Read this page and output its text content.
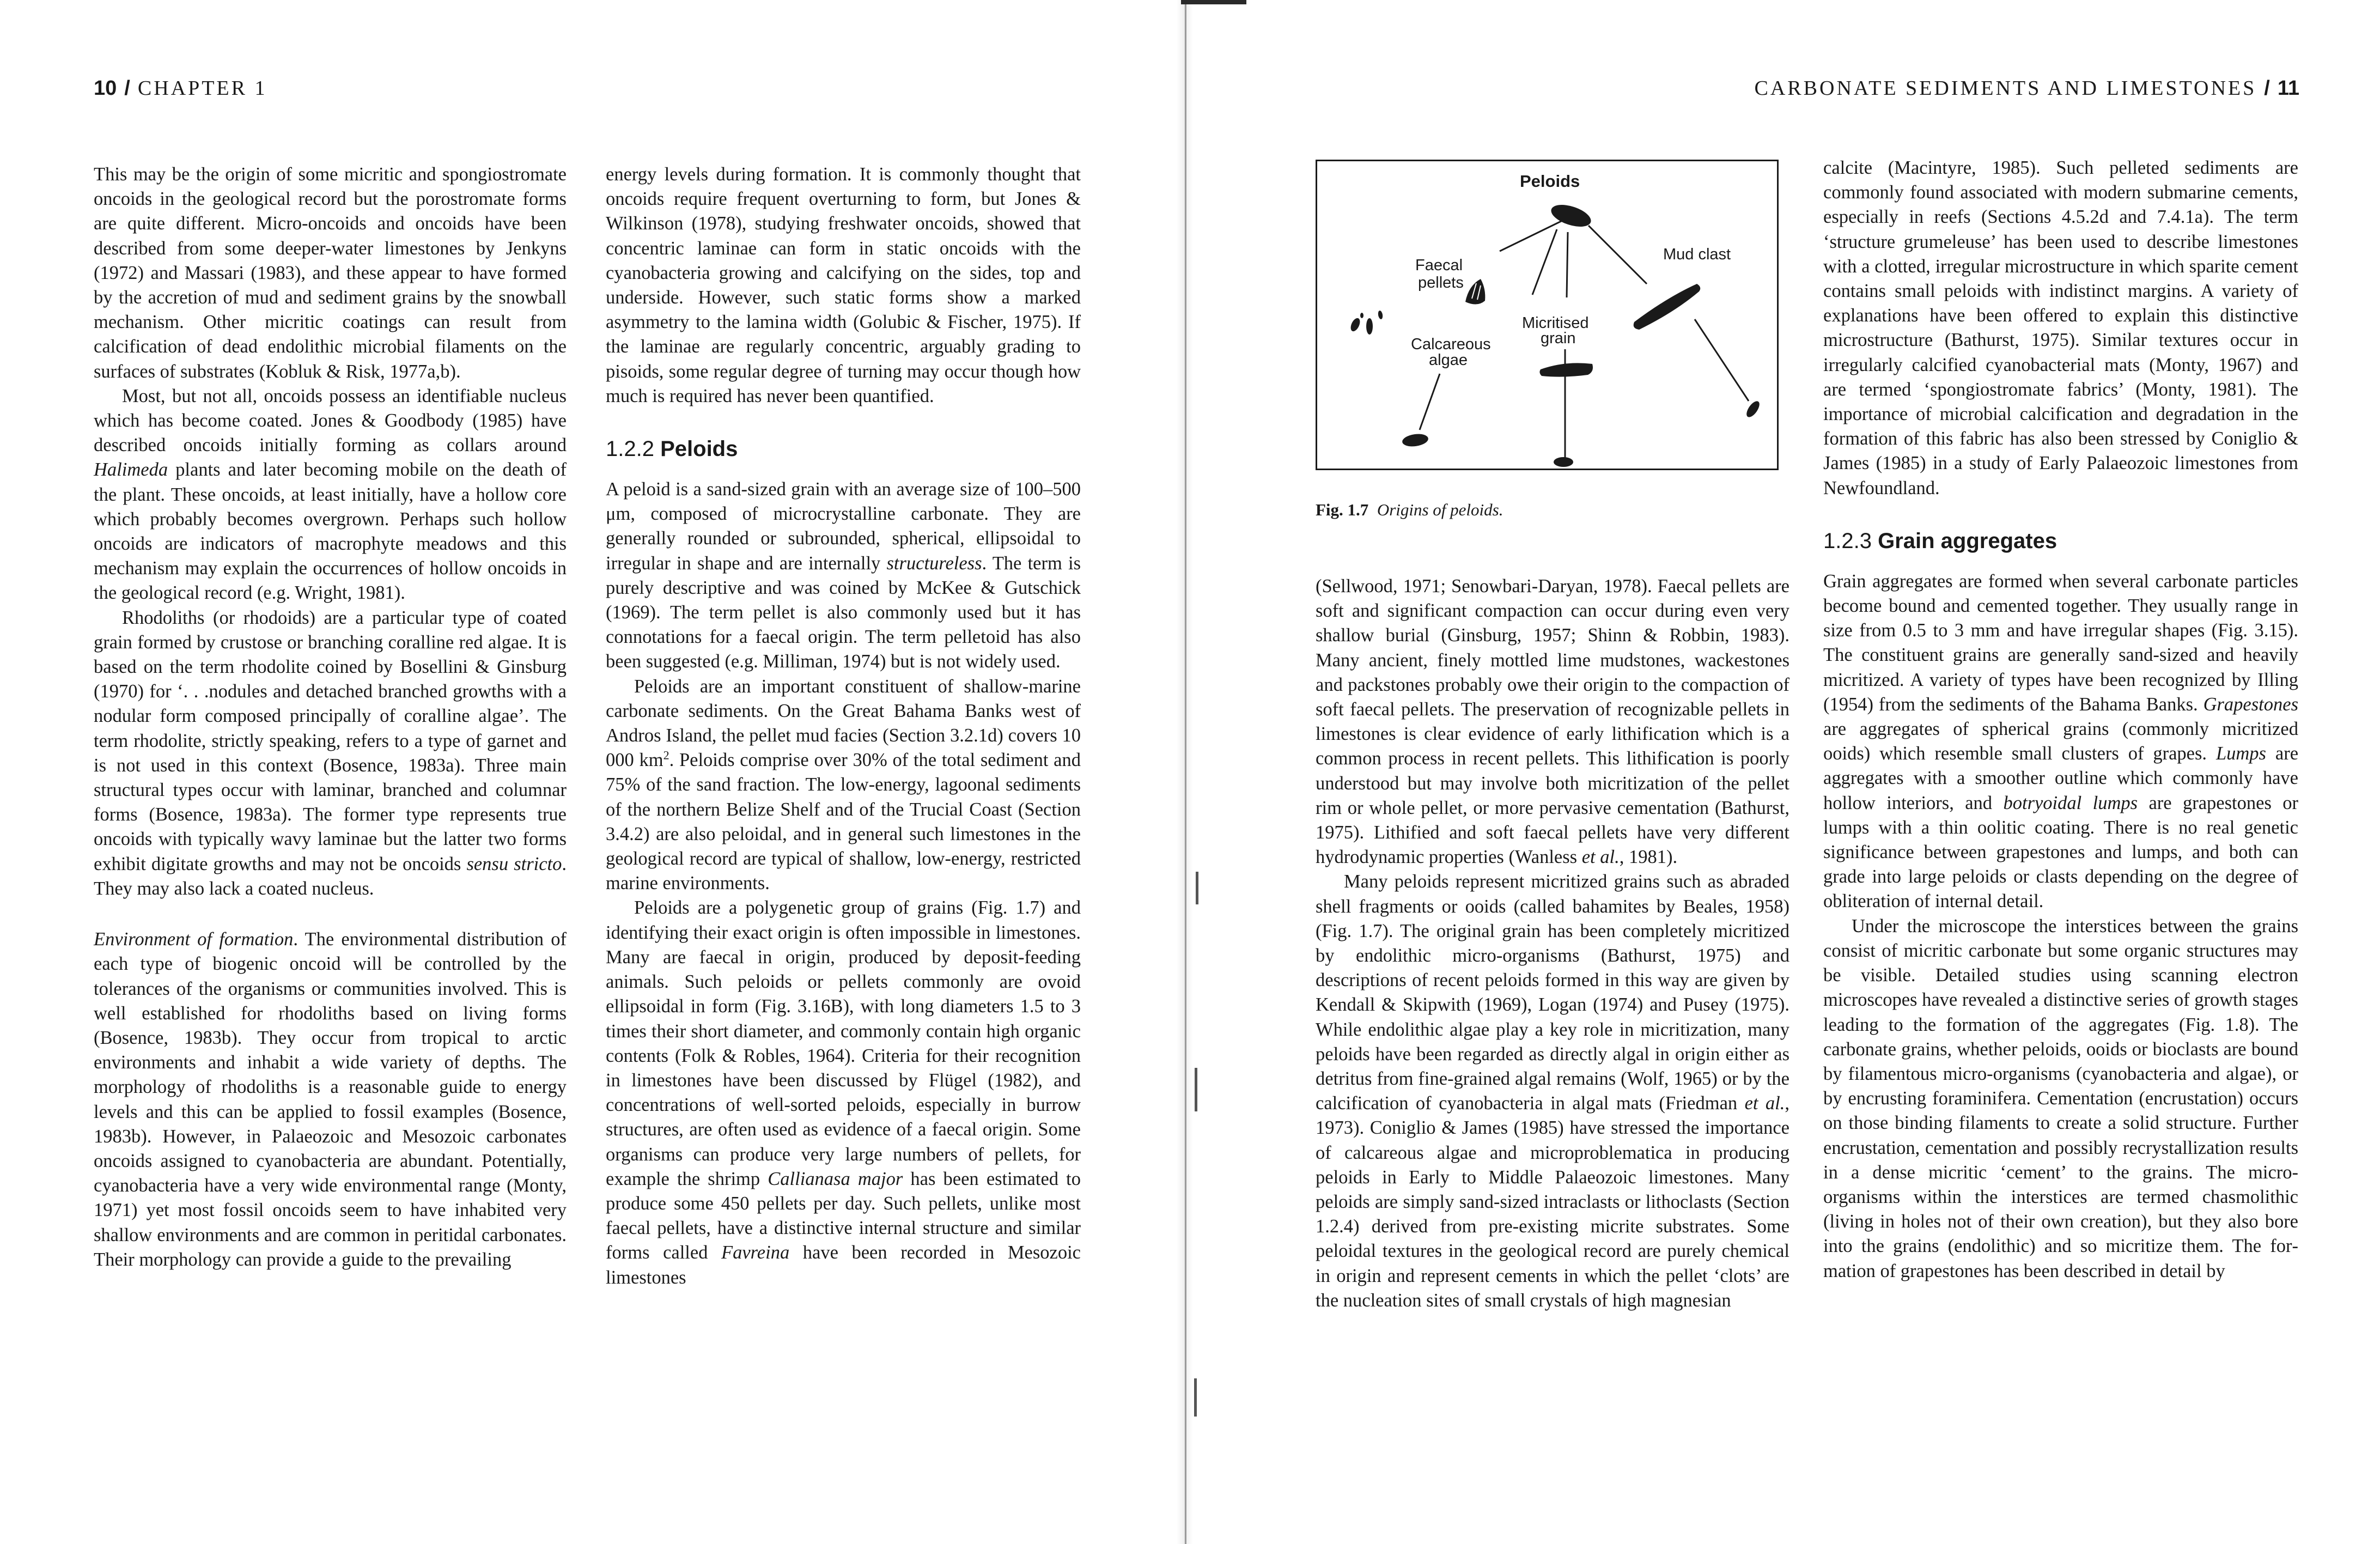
10 / CHAPTER 1

This may be the origin of some micritic and spongiostromate oncoids in the geological record but the porostromate forms are quite different. Micro-oncoids and oncoids have been described from some deeper-water limestones by Jenkyns (1972) and Massari (1983), and these appear to have formed by the accretion of mud and sediment grains by the snowball mechanism. Other micritic coatings can result from calcification of dead endolithic microbial filaments on the surfaces of substrates (Kobluk & Risk, 1977a,b).

Most, but not all, oncoids possess an identifiable nucleus which has become coated. Jones & Goodbody (1985) have described oncoids initially forming as collars around Halimeda plants and later becoming mobile on the death of the plant. These oncoids, at least initially, have a hollow core which probably becomes overgrown. Perhaps such hollow oncoids are indicators of macrophyte meadows and this mechanism may explain the occurrences of hollow oncoids in the geological record (e.g. Wright, 1981).

Rhodoliths (or rhodoids) are a particular type of coated grain formed by crustose or branching coralline red algae. It is based on the term rhodolite coined by Bosellini & Ginsburg (1970) for ‘. . .nodules and detached branched growths with a nodular form composed principally of coralline algae’. The term rhodolite, strictly speaking, refers to a type of garnet and is not used in this context (Bosence, 1983a). Three main structural types occur with laminar, branched and columnar forms (Bosence, 1983a). The former type represents true oncoids with typically wavy laminae but the latter two forms exhibit digitate growths and may not be oncoids sensu stricto. They may also lack a coated nucleus.

Environment of formation. The environmental distribution of each type of biogenic oncoid will be controlled by the tolerances of the organisms or communities involved. This is well established for rhodoliths based on living forms (Bosence, 1983b). They occur from tropical to arctic environments and inhabit a wide variety of depths. The morphology of rhodoliths is a reasonable guide to energy levels and this can be applied to fossil examples (Bosence, 1983b). However, in Palaeozoic and Mesozoic carbonates oncoids assigned to cyanobacteria are abundant. Potentially, cyanobacteria have a very wide environmental range (Monty, 1971) yet most fossil oncoids seem to have inhabited very shallow environments and are common in peritidal carbonates. Their morphology can provide a guide to the prevailing

energy levels during formation. It is commonly thought that oncoids require frequent overturning to form, but Jones & Wilkinson (1978), studying freshwater oncoids, showed that concentric laminae can form in static oncoids with the cyanobacteria growing and calcifying on the sides, top and underside. However, such static forms show a marked asymmetry to the lamina width (Golubic & Fischer, 1975). If the laminae are regularly concentric, arguably grading to pisoids, some regular degree of turning may occur though how much is required has never been quantified.

1.2.2 Peloids

A peloid is a sand-sized grain with an average size of 100–500 μm, composed of microcrystalline carbonate. They are generally rounded or subrounded, spherical, ellipsoidal to irregular in shape and are internally structureless. The term is purely descriptive and was coined by McKee & Gutschick (1969). The term pellet is also commonly used but it has connotations for a faecal origin. The term pelletoid has also been suggested (e.g. Milliman, 1974) but is not widely used.

Peloids are an important constituent of shallow-marine carbonate sediments. On the Great Bahama Banks west of Andros Island, the pellet mud facies (Section 3.2.1d) covers 10 000 $km^2$. Peloids comprise over 30% of the total sediment and 75% of the sand fraction. The low-energy, lagoonal sediments of the northern Belize Shelf and of the Trucial Coast (Section 3.4.2) are also peloidal, and in general such limestones in the geological record are typical of shallow, low-energy, restricted marine environments.

Peloids are a polygenetic group of grains (Fig. 1.7) and identifying their exact origin is often impossible in limestones. Many are faecal in origin, produced by deposit-feeding animals. Such peloids or pellets commonly are ovoid ellipsoidal in form (Fig. 3.16B), with long diameters 1.5 to 3 times their short diameter, and commonly contain high organic contents (Folk & Robles, 1964). Criteria for their recognition in limestones have been discussed by Flügel (1982), and concentrations of well-sorted peloids, especially in burrow structures, are often used as evidence of a faecal origin. Some organisms can produce very large numbers of pellets, for example the shrimp Callianasa major has been estimated to produce some 450 pellets per day. Such pellets, unlike most faecal pellets, have a distinctive internal structure and similar forms called Favreina have been recorded in Mesozoic limestones

CARBONATE SEDIMENTS AND LIMESTONES / 11
Peloids
Faecal
pellets
Mud clast
Micritised
grain
Calcareous
algae
Fig. 1.7 Origins of peloids.

(Sellwood, 1971; Senowbari-Daryan, 1978). Faecal pellets are soft and significant compaction can occur during even very shallow burial (Ginsburg, 1957; Shinn & Robbin, 1983). Many ancient, finely mottled lime mudstones, wackestones and packstones probably owe their origin to the compaction of soft faecal pellets. The preservation of recognizable pellets in limestones is clear evidence of early lithification which is a common process in recent pellets. This lithification is poorly understood but may involve both micritization of the pellet rim or whole pellet, or more pervasive cementation (Bathurst, 1975). Lithified and soft faecal pellets have very different hydrodynamic properties (Wanless et al., 1981).

Many peloids represent micritized grains such as abraded shell fragments or ooids (called bahamites by Beales, 1958) (Fig. 1.7). The original grain has been completely micritized by endolithic micro-organisms (Bathurst, 1975) and descriptions of recent peloids formed in this way are given by Kendall & Skipwith (1969), Logan (1974) and Pusey (1975). While endolithic algae play a key role in micritization, many peloids have been regarded as directly algal in origin either as detritus from fine-grained algal remains (Wolf, 1965) or by the calcification of cyanobacteria in algal mats (Friedman et al., 1973). Coniglio & James (1985) have stressed the importance of calcareous algae and microproblematica in producing peloids in Early to Middle Palaeozoic limestones. Many peloids are simply sand-sized intraclasts or lithoclasts (Section 1.2.4) derived from pre-existing micrite substrates. Some peloidal textures in the geological record are purely chemical in origin and represent cements in which the pellet ‘clots’ are the nucleation sites of small crystals of high magnesian

calcite (Macintyre, 1985). Such pelleted sediments are commonly found associated with modern submarine cements, especially in reefs (Sections 4.5.2d and 7.4.1a). The term ‘structure grumeleuse’ has been used to describe limestones with a clotted, irregular microstructure in which sparite cement contains small peloids with indistinct margins. A variety of explanations have been offered to explain this distinctive microstructure (Bathurst, 1975). Similar textures occur in irregularly calcified cyanobacterial mats (Monty, 1967) and are termed ‘spongiostromate fabrics’ (Monty, 1981). The importance of microbial calcification and degradation in the formation of this fabric has also been stressed by Coniglio & James (1985) in a study of Early Palaeozoic limestones from Newfoundland.

1.2.3 Grain aggregates

Grain aggregates are formed when several carbonate particles become bound and cemented together. They usually range in size from 0.5 to 3 mm and have irregular shapes (Fig. 3.15). The constituent grains are generally sand-sized and heavily micritized. A variety of types have been recognized by Illing (1954) from the sediments of the Bahama Banks. Grapestones are aggregates of spherical grains (commonly micritized ooids) which resemble small clusters of grapes. Lumps are aggregates with a smoother outline which commonly have hollow interiors, and botryoidal lumps are grapestones or lumps with a thin oolitic coating. There is no real genetic significance between grapestones and lumps, and both can grade into large peloids or clasts depending on the degree of obliteration of internal detail.

Under the microscope the interstices between the grains consist of micritic carbonate but some organic structures may be visible. Detailed studies using scanning electron microscopes have revealed a distinctive series of growth stages leading to the formation of the aggregates (Fig. 1.8). The carbonate grains, whether peloids, ooids or bioclasts are bound by filamentous micro-organisms (cyanobacteria and algae), or by encrusting foraminifera. Cementation (encrustation) occurs on those binding filaments to create a solid structure. Further encrustation, cementation and possibly recrystallization results in a dense micritic ‘cement’ to the grains. The micro-organisms within the interstices are termed chasmolithic (living in holes not of their own creation), but they also bore into the grains (endolithic) and so micritize them. The formation of grapestones has been described in detail by
